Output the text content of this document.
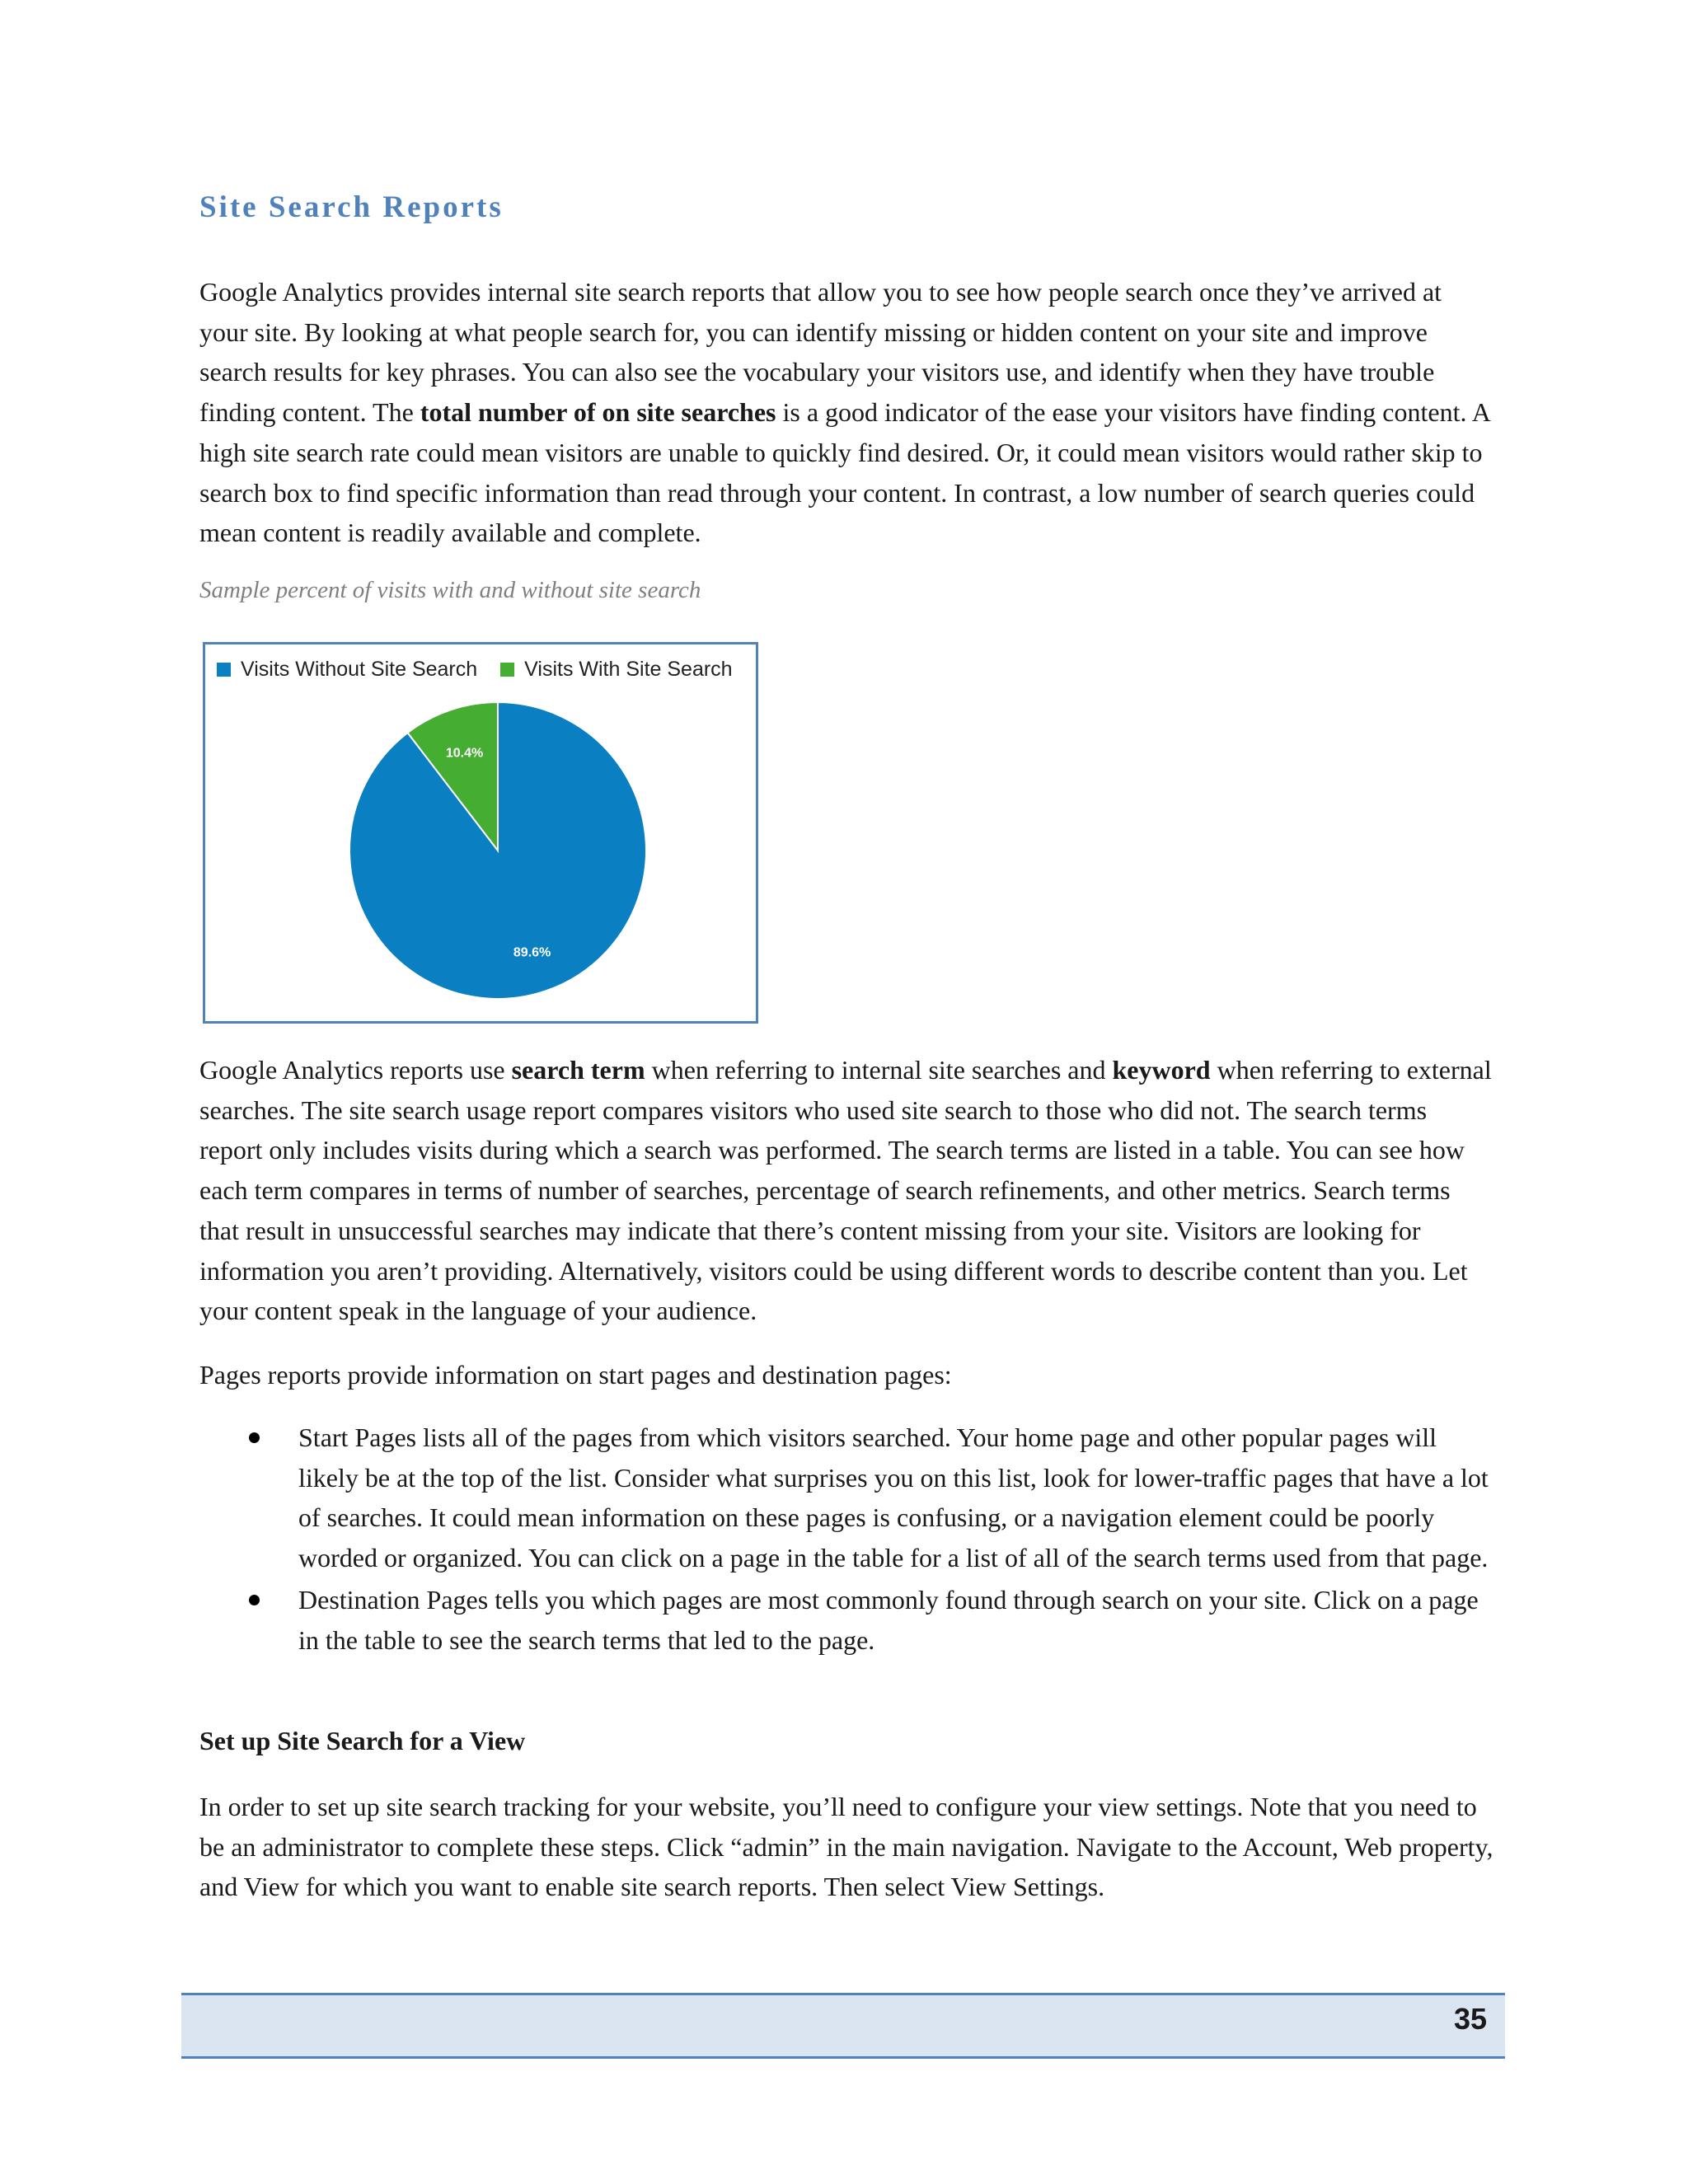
Site Search Reports

Google Analytics provides internal site search reports that allow you to see how people search once they’ve arrived at your site. By looking at what people search for, you can identify missing or hidden content on your site and improve search results for key phrases. You can also see the vocabulary your visitors use, and identify when they have trouble finding content. The total number of on site searches is a good indicator of the ease your visitors have finding content. A high site search rate could mean visitors are unable to quickly find desired. Or, it could mean visitors would rather skip to search box to find specific information than read through your content. In contrast, a low number of search queries could mean content is readily available and complete.

Sample percent of visits with and without site search
Visits Without Site Search Visits With Site Search
89.6%
10.4%

Google Analytics reports use search term when referring to internal site searches and keyword when referring to external searches. The site search usage report compares visitors who used site search to those who did not. The search terms report only includes visits during which a search was performed. The search terms are listed in a table. You can see how each term compares in terms of number of searches, percentage of search refinements, and other metrics. Search terms that result in unsuccessful searches may indicate that there’s content missing from your site. Visitors are looking for information you aren’t providing. Alternatively, visitors could be using different words to describe content than you. Let your content speak in the language of your audience.

Pages reports provide information on start pages and destination pages:

Start Pages lists all of the pages from which visitors searched. Your home page and other popular pages will likely be at the top of the list. Consider what surprises you on this list, look for lower-traffic pages that have a lot of searches. It could mean information on these pages is confusing, or a navigation element could be poorly worded or organized. You can click on a page in the table for a list of all of the search terms used from that page.
Destination Pages tells you which pages are most commonly found through search on your site. Click on a page in the table to see the search terms that led to the page.
Set up Site Search for a View

In order to set up site search tracking for your website, you’ll need to configure your view settings. Note that you need to be an administrator to complete these steps. Click “admin” in the main navigation. Navigate to the Account, Web property, and View for which you want to enable site search reports. Then select View Settings.

35
